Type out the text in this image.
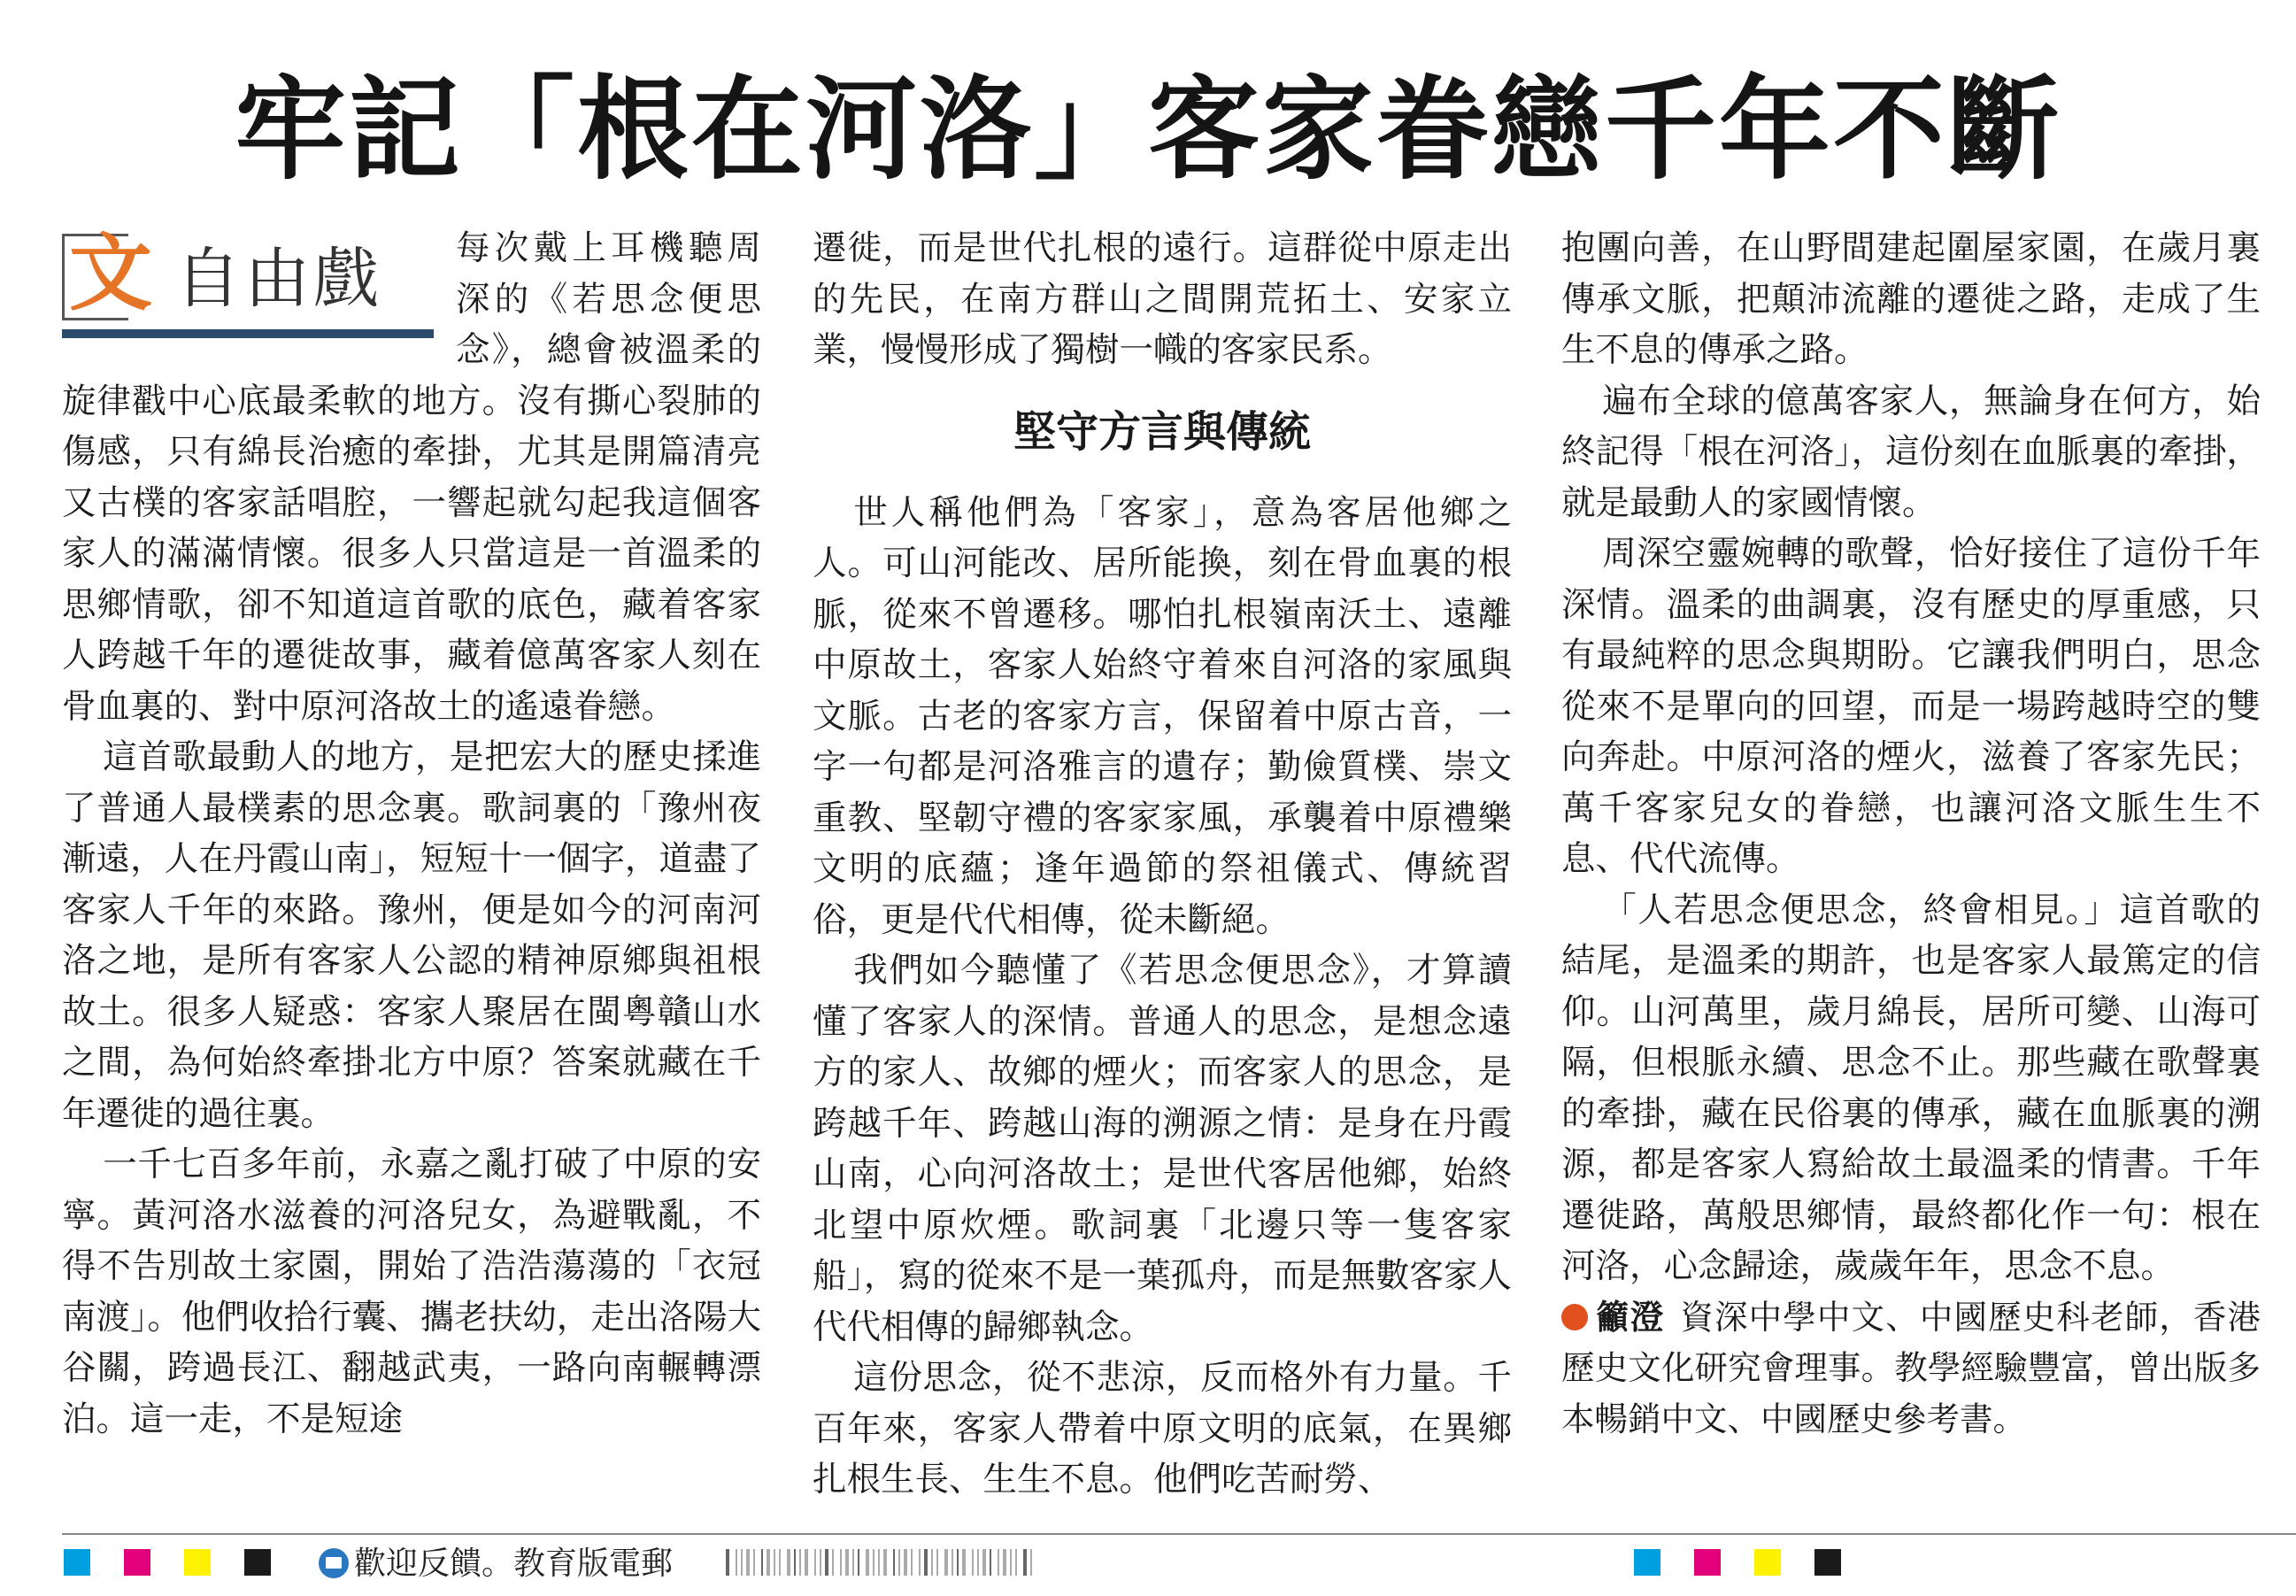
牢記「根在河洛」客家眷戀千年不斷
文 自由戲	每次戴上耳機聽周深的《若思念便思念》，總會被溫柔的旋律戳中心底最柔軟的地方。沒有撕心裂肺的傷感，只有綿長治癒的牽掛，尤其是開篇清亮又古樸的客家話唱腔，一響起就勾起我這個客家人的滿滿情懷。很多人只當這是一首溫柔的思鄉情歌，卻不知道這首歌的底色，藏着客家人跨越千年的遷徙故事，藏着億萬客家人刻在骨血裏的、對中原河洛故土的遙遠眷戀。

這首歌最動人的地方，是把宏大的歷史揉進了普通人最樸素的思念裏。歌詞裏的「豫州夜漸遠，人在丹霞山南」，短短十一個字，道盡了客家人千年的來路。豫州，便是如今的河南河洛之地，是所有客家人公認的精神原鄉與祖根故土。很多人疑惑：客家人聚居在閩粵贛山水之間，為何始終牽掛北方中原？答案就藏在千年遷徙的過往裏。

一千七百多年前，永嘉之亂打破了中原的安寧。黃河洛水滋養的河洛兒女，為避戰亂，不得不告別故土家園，開始了浩浩蕩蕩的「衣冠南渡」。他們收拾行囊、攜老扶幼，走出洛陽大谷關，跨過長江、翻越武夷，一路向南輾轉漂泊。這一走，不是短途

遷徙，而是世代扎根的遠行。這群從中原走出的先民，在南方群山之間開荒拓土、安家立業，慢慢形成了獨樹一幟的客家民系。

堅守方言與傳統

世人稱他們為「客家」，意為客居他鄉之人。可山河能改、居所能換，刻在骨血裏的根脈，從來不曾遷移。哪怕扎根嶺南沃土、遠離中原故土，客家人始終守着來自河洛的家風與文脈。古老的客家方言，保留着中原古音，一字一句都是河洛雅言的遺存；勤儉質樸、崇文重教、堅韌守禮的客家家風，承襲着中原禮樂文明的底蘊；逢年過節的祭祖儀式、傳統習俗，更是代代相傳，從未斷絕。

我們如今聽懂了《若思念便思念》，才算讀懂了客家人的深情。普通人的思念，是想念遠方的家人、故鄉的煙火；而客家人的思念，是跨越千年、跨越山海的溯源之情：是身在丹霞山南，心向河洛故土；是世代客居他鄉，始終北望中原炊煙。歌詞裏「北邊只等一隻客家船」，寫的從來不是一葉孤舟，而是無數客家人代代相傳的歸鄉執念。

這份思念，從不悲涼，反而格外有力量。千百年來，客家人帶着中原文明的底氣，在異鄉扎根生長、生生不息。他們吃苦耐勞、

抱團向善，在山野間建起圍屋家園，在歲月裏傳承文脈，把顛沛流離的遷徙之路，走成了生生不息的傳承之路。

遍布全球的億萬客家人，無論身在何方，始終記得「根在河洛」，這份刻在血脈裏的牽掛，就是最動人的家國情懷。

周深空靈婉轉的歌聲，恰好接住了這份千年深情。溫柔的曲調裏，沒有歷史的厚重感，只有最純粹的思念與期盼。它讓我們明白，思念從來不是單向的回望，而是一場跨越時空的雙向奔赴。中原河洛的煙火，滋養了客家先民；萬千客家兒女的眷戀，也讓河洛文脈生生不息、代代流傳。

「人若思念便思念，終會相見。」這首歌的結尾，是溫柔的期許，也是客家人最篤定的信仰。山河萬里，歲月綿長，居所可變、山海可隔，但根脈永續、思念不止。那些藏在歌聲裏的牽掛，藏在民俗裏的傳承，藏在血脈裏的溯源，都是客家人寫給故土最溫柔的情書。千年遷徙路，萬般思鄉情，最終都化作一句：根在河洛，心念歸途，歲歲年年，思念不息。

籲澄 資深中學中文、中國歷史科老師，香港歷史文化研究會理事。教學經驗豐富，曾出版多本暢銷中文、中國歷史參考書。

歡迎反饋。教育版電郵
